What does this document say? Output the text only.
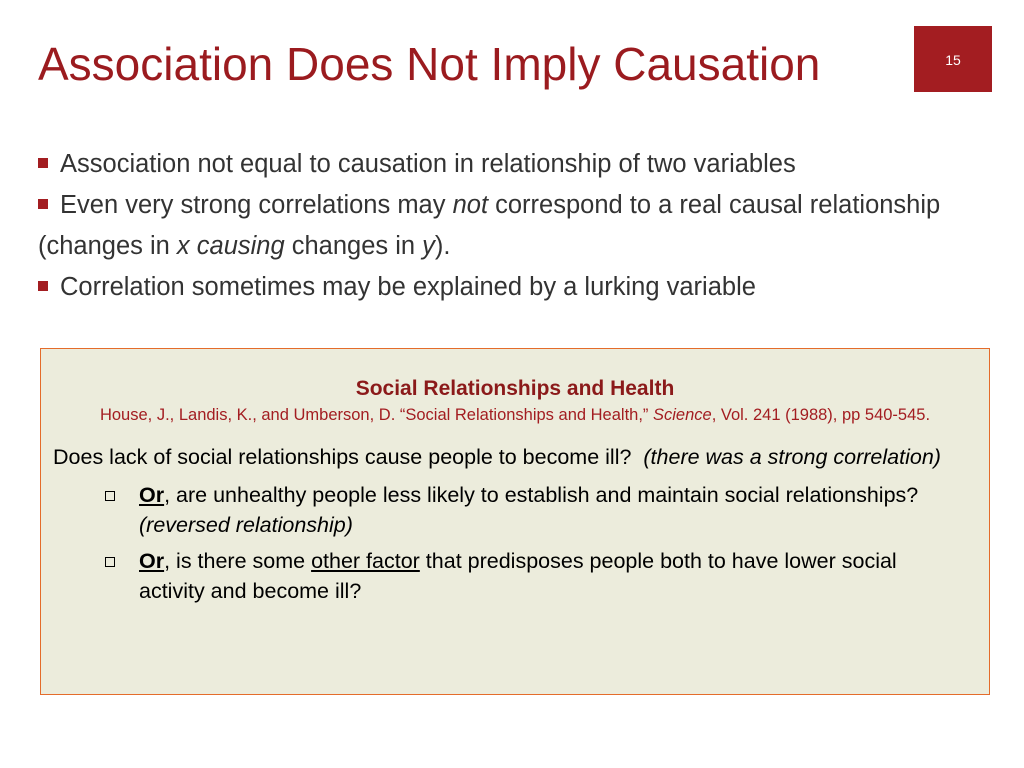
Association Does Not Imply Causation	15
Association not equal to causation in relationship of two variables
Even very strong correlations may not correspond to a real causal relationship (changes in x causing changes in y).
Correlation sometimes may be explained by a lurking variable
Social Relationships and Health
House, J., Landis, K., and Umberson, D. “Social Relationships and Health,” Science, Vol. 241 (1988), pp 540-545.
Does lack of social relationships cause people to become ill? (there was a strong correlation)
Or, are unhealthy people less likely to establish and maintain social relationships?  (reversed relationship)
Or, is there some other factor that predisposes people both to have lower social activity and become ill?
